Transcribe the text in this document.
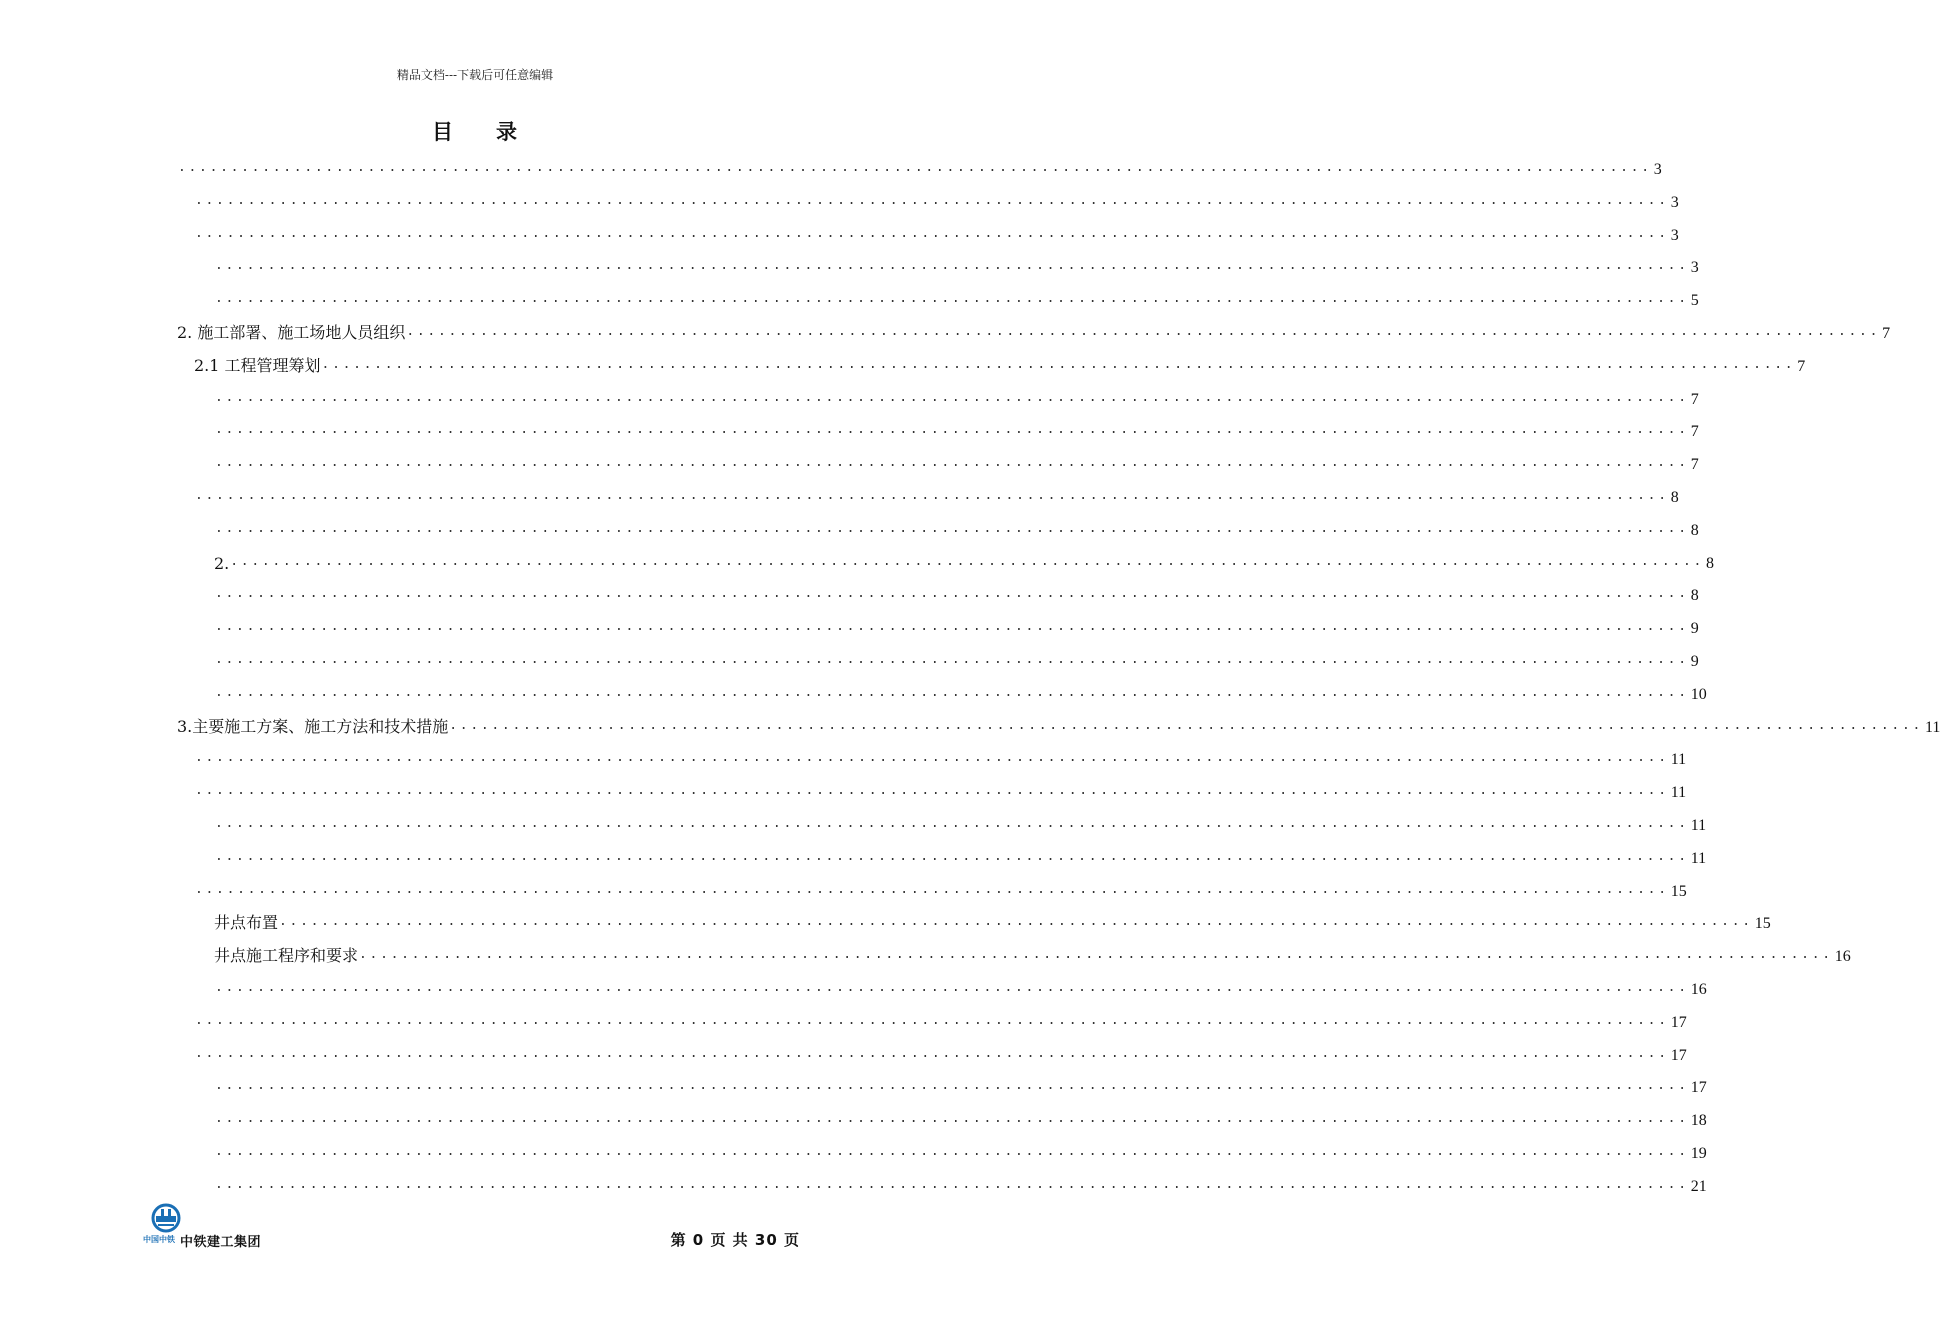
精品文档---下载后可任意编辑
目 录
............................................................................................................................................ 3
............................................................................................................................................ 3
............................................................................................................................................ 3
............................................................................................................................................ 3
............................................................................................................................................ 5
2. 施工部署、施工场地人员组织 ............................................................................................................................................ 7
2.1 工程管理筹划 ............................................................................................................................................ 7
............................................................................................................................................ 7
............................................................................................................................................ 7
............................................................................................................................................ 7
............................................................................................................................................ 8
............................................................................................................................................ 8
2. ............................................................................................................................................ 8
............................................................................................................................................ 8
............................................................................................................................................ 9
............................................................................................................................................ 9
............................................................................................................................................ 10
3.主要施工方案、施工方法和技术措施 ............................................................................................................................................ 11
............................................................................................................................................ 11
............................................................................................................................................ 11
............................................................................................................................................ 11
............................................................................................................................................ 11
............................................................................................................................................ 15
井点布置 ............................................................................................................................................ 15
井点施工程序和要求 ............................................................................................................................................ 16
............................................................................................................................................ 16
............................................................................................................................................ 17
............................................................................................................................................ 17
............................................................................................................................................ 17
............................................................................................................................................ 18
............................................................................................................................................ 19
............................................................................................................................................ 21
中国中铁 中铁建工集团	第 0 页 共 30 页
